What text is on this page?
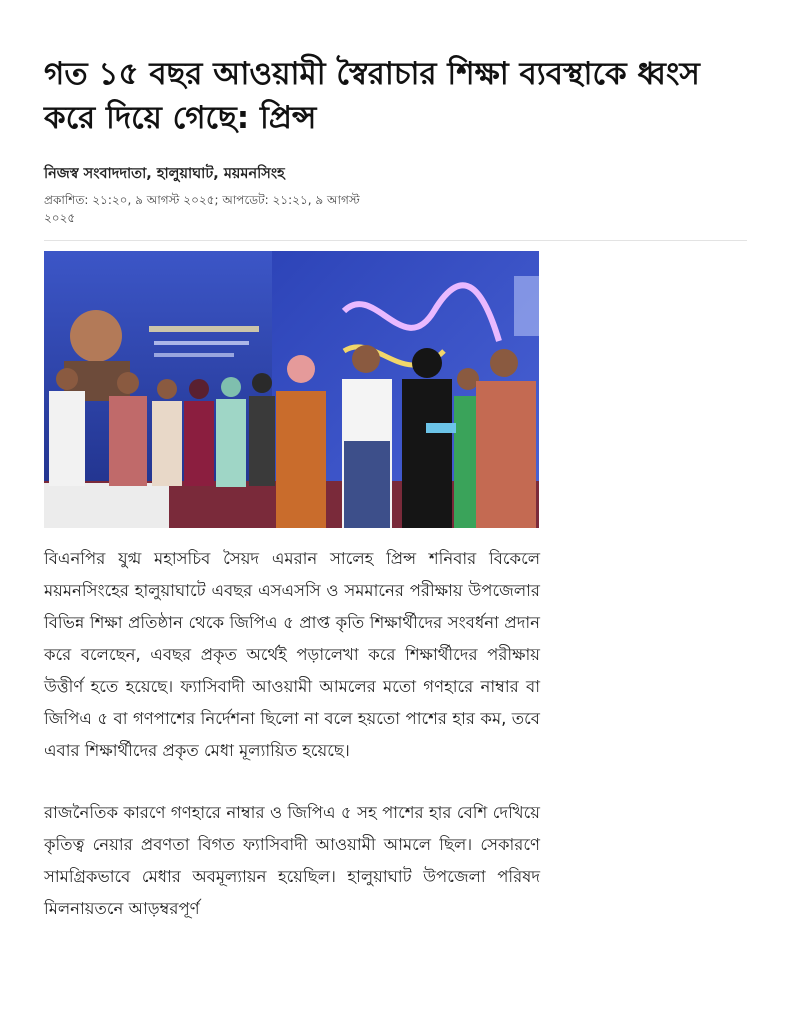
গত ১৫ বছর আওয়ামী স্বৈরাচার শিক্ষা ব্যবস্থাকে ধ্বংস করে দিয়ে গেছে: প্রিন্স
নিজস্ব সংবাদদাতা, হালুয়াঘাট, ময়মনসিংহ
প্রকাশিত: ২১:২০, ৯ আগস্ট ২০২৫; আপডেট: ২১:২১, ৯ আগস্ট ২০২৫

বিএনপির যুগ্ম মহাসচিব সৈয়দ এমরান সালেহ প্রিন্স শনিবার বিকেলে ময়মনসিংহের হালুয়াঘাটে এবছর এসএসসি ও সমমানের পরীক্ষায় উপজেলার বিভিন্ন শিক্ষা প্রতিষ্ঠান থেকে জিপিএ ৫ প্রাপ্ত কৃতি শিক্ষার্থীদের সংবর্ধনা প্রদান করে বলেছেন, এবছর প্রকৃত অর্থেই পড়ালেখা করে শিক্ষার্থীদের পরীক্ষায় উত্তীর্ণ হতে হয়েছে। ফ্যাসিবাদী আওয়ামী আমলের মতো গণহারে নাম্বার বা জিপিএ ৫ বা গণপাশের নির্দেশনা ছিলো না বলে হয়তো পাশের হার কম, তবে এবার শিক্ষার্থীদের প্রকৃত মেধা মূল্যায়িত হয়েছে।

রাজনৈতিক কারণে গণহারে নাম্বার ও জিপিএ ৫ সহ পাশের হার বেশি দেখিয়ে কৃতিত্ব নেয়ার প্রবণতা বিগত ফ্যাসিবাদী আওয়ামী আমলে ছিল। সেকারণে সামগ্রিকভাবে মেধার অবমূল্যায়ন হয়েছিল। হালুয়াঘাট উপজেলা পরিষদ মিলনায়তনে আড়ম্বরপূর্ণ
